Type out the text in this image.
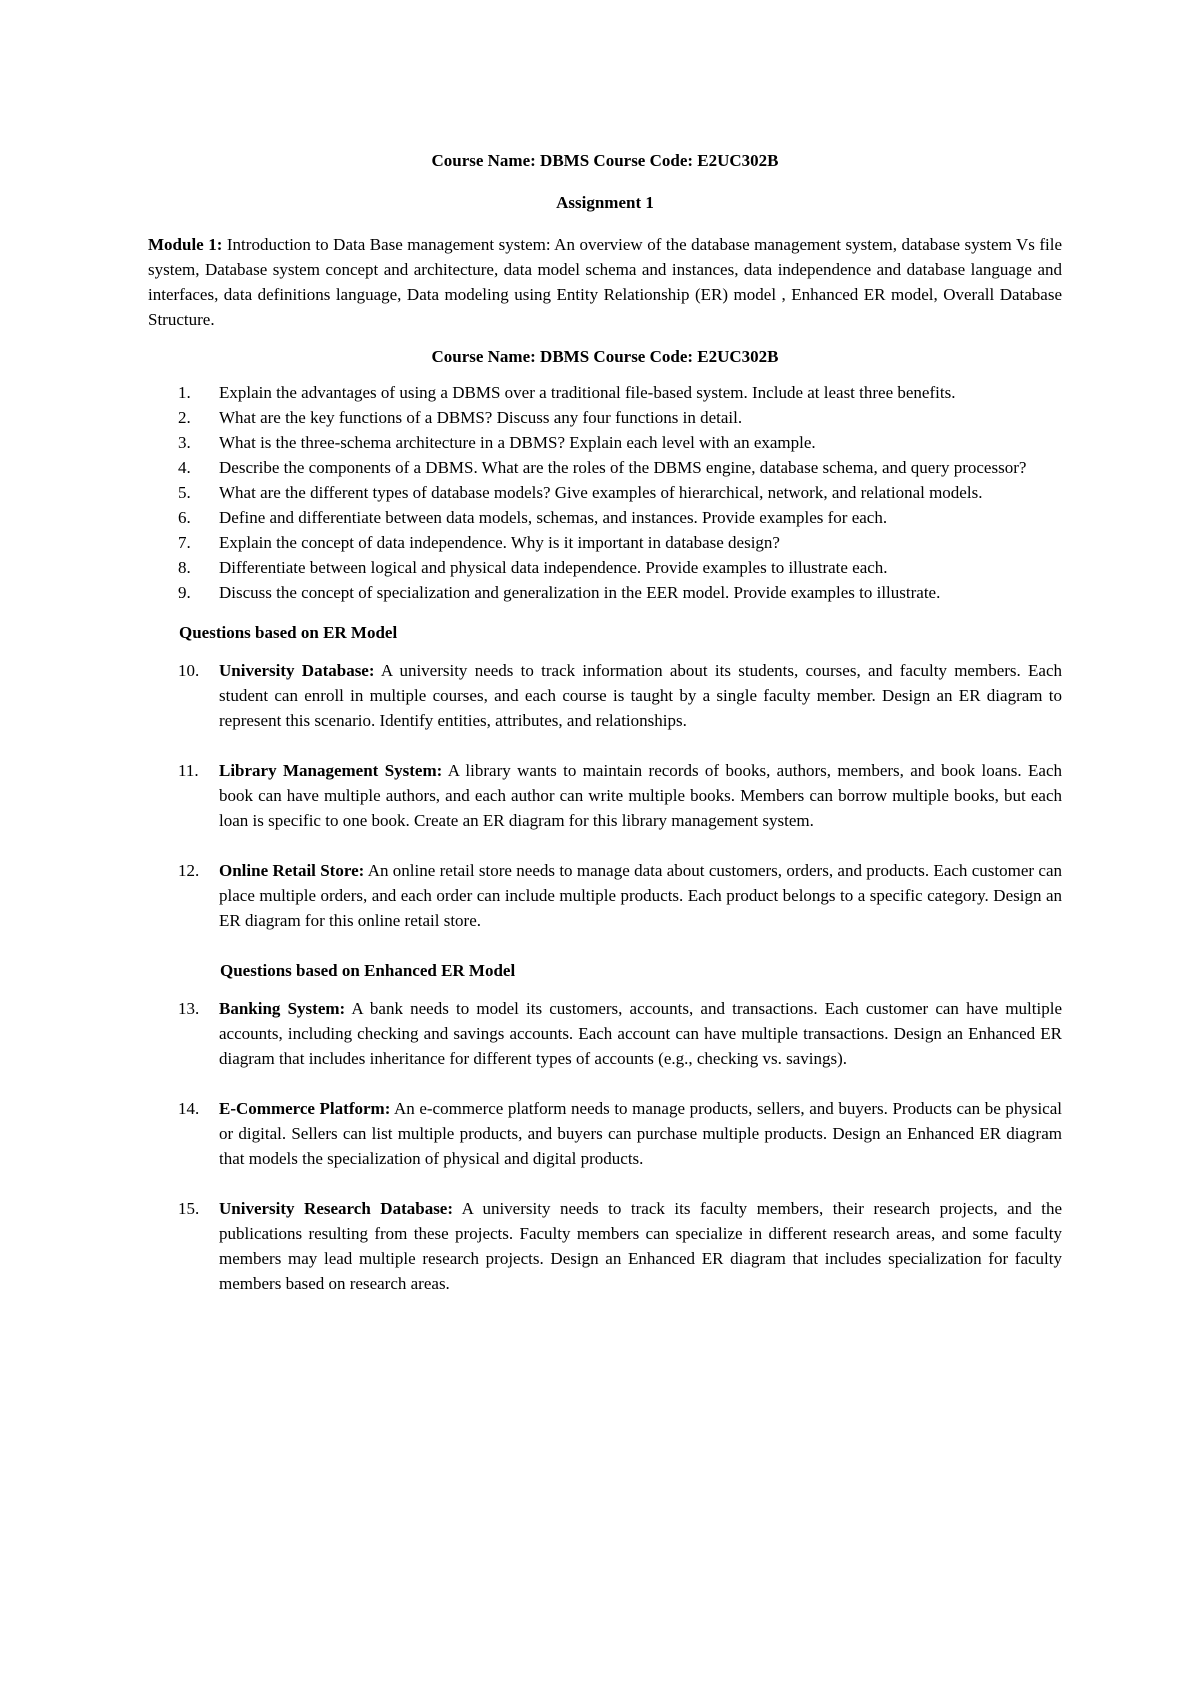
Course Name: DBMS Course Code: E2UC302B
Assignment 1
Module 1: Introduction to Data Base management system: An overview of the database management system, database system Vs file system, Database system concept and architecture, data model schema and instances, data independence and database language and interfaces, data definitions language, Data modeling using Entity Relationship (ER) model , Enhanced ER model, Overall Database Structure.
Course Name: DBMS Course Code: E2UC302B
1. Explain the advantages of using a DBMS over a traditional file-based system. Include at least three benefits.
2. What are the key functions of a DBMS? Discuss any four functions in detail.
3. What is the three-schema architecture in a DBMS? Explain each level with an example.
4. Describe the components of a DBMS. What are the roles of the DBMS engine, database schema, and query processor?
5. What are the different types of database models? Give examples of hierarchical, network, and relational models.
6. Define and differentiate between data models, schemas, and instances. Provide examples for each.
7. Explain the concept of data independence. Why is it important in database design?
8. Differentiate between logical and physical data independence. Provide examples to illustrate each.
9. Discuss the concept of specialization and generalization in the EER model. Provide examples to illustrate.
Questions based on ER Model
10. University Database: A university needs to track information about its students, courses, and faculty members. Each student can enroll in multiple courses, and each course is taught by a single faculty member. Design an ER diagram to represent this scenario. Identify entities, attributes, and relationships.
11. Library Management System: A library wants to maintain records of books, authors, members, and book loans. Each book can have multiple authors, and each author can write multiple books. Members can borrow multiple books, but each loan is specific to one book. Create an ER diagram for this library management system.
12. Online Retail Store: An online retail store needs to manage data about customers, orders, and products. Each customer can place multiple orders, and each order can include multiple products. Each product belongs to a specific category. Design an ER diagram for this online retail store.
Questions based on Enhanced ER Model
13. Banking System: A bank needs to model its customers, accounts, and transactions. Each customer can have multiple accounts, including checking and savings accounts. Each account can have multiple transactions. Design an Enhanced ER diagram that includes inheritance for different types of accounts (e.g., checking vs. savings).
14. E-Commerce Platform: An e-commerce platform needs to manage products, sellers, and buyers. Products can be physical or digital. Sellers can list multiple products, and buyers can purchase multiple products. Design an Enhanced ER diagram that models the specialization of physical and digital products.
15. University Research Database: A university needs to track its faculty members, their research projects, and the publications resulting from these projects. Faculty members can specialize in different research areas, and some faculty members may lead multiple research projects. Design an Enhanced ER diagram that includes specialization for faculty members based on research areas.
